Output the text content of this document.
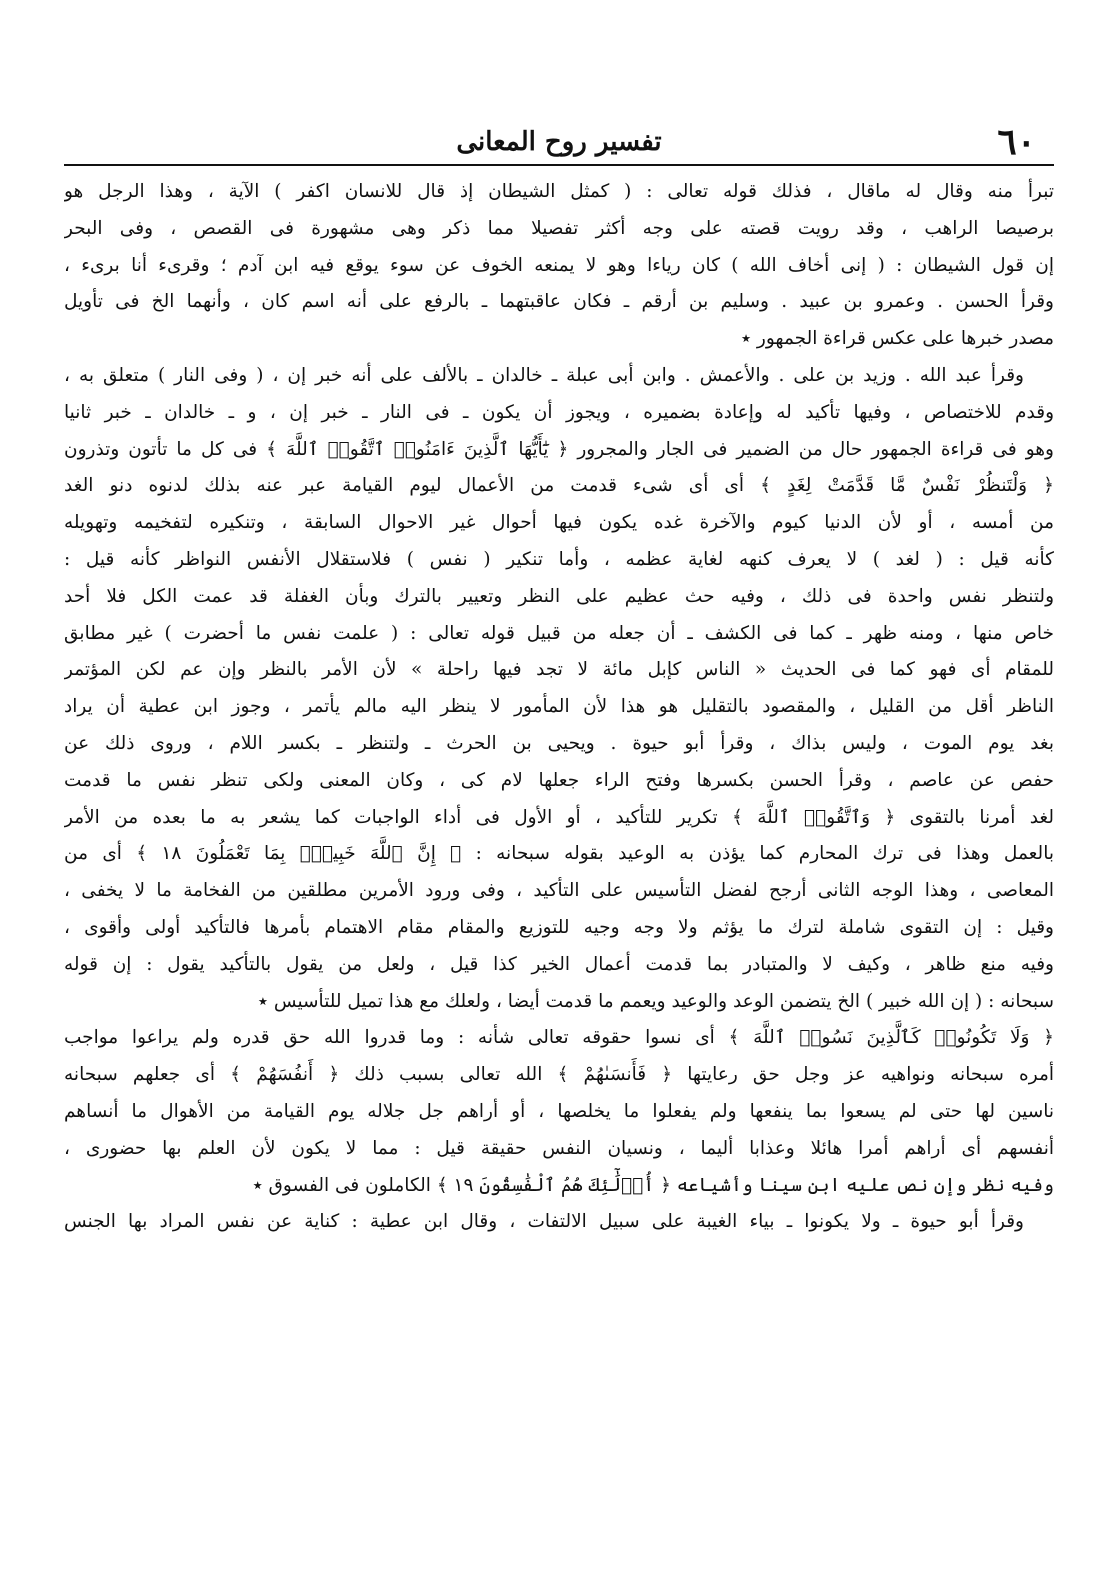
٦٠
تفسير روح المعانى
تبرأ منه وقال له ماقال ، فذلك قوله تعالى : ( كمثل الشيطان إذ قال للانسان اكفر ) الآية ، وهذا الرجل هو
برصيصا الراهب ، وقد رويت قصته على وجه أكثر تفصيلا مما ذكر وهى مشهورة فى القصص ، وفى البحر
إن قول الشيطان : ( إنى أخاف الله ) كان رياءا وهو لا يمنعه الخوف عن سوء يوقع فيه ابن آدم ؛ وقرىء أنا برىء ،
وقرأ الحسن . وعمرو بن عبيد . وسليم بن أرقم ـ فكان عاقبتهما ـ بالرفع على أنه اسم كان ، وأنهما الخ فى تأويل
مصدر خبرها على عكس قراءة الجمهور ٭
وقرأ عبد الله . وزيد بن على . والأعمش . وابن أبى عبلة ـ خالدان ـ بالألف على أنه خبر إن ، ( وفى النار ) متعلق به ،
وقدم للاختصاص ، وفيها تأكيد له وإعادة بضميره ، ويجوز أن يكون ـ فى النار ـ خبر إن ، و ـ خالدان ـ خبر ثانيا
وهو فى قراءة الجمهور حال من الضمير فى الجار والمجرور ﴿ يَٰٓأَيُّهَا ٱلَّذِينَ ءَامَنُوا۟ ٱتَّقُوا۟ ٱللَّهَ ﴾ فى كل ما تأتون وتذرون
﴿ وَلْتَنظُرْ نَفْسٌ مَّا قَدَّمَتْ لِغَدٍ ﴾ أى أى شىء قدمت من الأعمال ليوم القيامة عبر عنه بذلك لدنوه دنو الغد
من أمسه ، أو لأن الدنيا كيوم والآخرة غده يكون فيها أحوال غير الاحوال السابقة ، وتنكيره لتفخيمه وتهويله
كأنه قيل : ( لغد ) لا يعرف كنهه لغاية عظمه ، وأما تنكير ( نفس ) فلاستقلال الأنفس النواظر كأنه قيل :
ولتنظر نفس واحدة فى ذلك ، وفيه حث عظيم على النظر وتعيير بالترك وبأن الغفلة قد عمت الكل فلا أحد
خاص منها ، ومنه ظهر ـ كما فى الكشف ـ أن جعله من قبيل قوله تعالى : ( علمت نفس ما أحضرت ) غير مطابق
للمقام أى فهو كما فى الحديث « الناس كإبل مائة لا تجد فيها راحلة » لأن الأمر بالنظر وإن عم لكن المؤتمر
الناظر أقل من القليل ، والمقصود بالتقليل هو هذا لأن المأمور لا ينظر اليه مالم يأتمر ، وجوز ابن عطية أن يراد
بغد يوم الموت ، وليس بذاك ، وقرأ أبو حيوة . ويحيى بن الحرث ـ ولتنظر ـ بكسر اللام ، وروى ذلك عن
حفص عن عاصم ، وقرأ الحسن بكسرها وفتح الراء جعلها لام كى ، وكان المعنى ولكى تنظر نفس ما قدمت
لغد أمرنا بالتقوى ﴿ وَٱتَّقُوا۟ ٱللَّهَ ﴾ تكرير للتأكيد ، أو الأول فى أداء الواجبات كما يشعر به ما بعده من الأمر
بالعمل وهذا فى ترك المحارم كما يؤذن به الوعيد بقوله سبحانه : ﴿ إِنَّ ٱللَّهَ خَبِيرٌۢ بِمَا تَعْمَلُونَ ١٨ ﴾ أى من
المعاصى ، وهذا الوجه الثانى أرجح لفضل التأسيس على التأكيد ، وفى ورود الأمرين مطلقين من الفخامة ما لا يخفى ،
وقيل : إن التقوى شاملة لترك ما يؤثم ولا وجه وجيه للتوزيع والمقام مقام الاهتمام بأمرها فالتأكيد أولى وأقوى ،
وفيه منع ظاهر ، وكيف لا والمتبادر بما قدمت أعمال الخير كذا قيل ، ولعل من يقول بالتأكيد يقول : إن قوله
سبحانه : ( إن الله خبير ) الخ يتضمن الوعد والوعيد ويعمم ما قدمت أيضا ، ولعلك مع هذا تميل للتأسيس ٭
﴿ وَلَا تَكُونُوا۟ كَٱلَّذِينَ نَسُوا۟ ٱللَّهَ ﴾ أى نسوا حقوقه تعالى شأنه : وما قدروا الله حق قدره ولم يراعوا مواجب
أمره سبحانه ونواهيه عز وجل حق رعايتها ﴿ فَأَنسَىٰهُمْ ﴾ الله تعالى بسبب ذلك ﴿ أَنفُسَهُمْ ﴾ أى جعلهم سبحانه
ناسين لها حتى لم يسعوا بما ينفعها ولم يفعلوا ما يخلصها ، أو أراهم جل جلاله يوم القيامة من الأهوال ما أنساهم
أنفسهم أى أراهم أمرا هائلا وعذابا أليما ، ونسيان النفس حقيقة قيل : مما لا يكون لأن العلم بها حضورى ،
وفيه نظر وإن نص عليه ابن سينا وأشياعه ﴿ أُو۟لَٰٓئِكَ هُمُ ٱلْفَٰسِقُونَ ١٩ ﴾ الكاملون فى الفسوق ٭
وقرأ أبو حيوة ـ ولا يكونوا ـ بياء الغيبة على سبيل الالتفات ، وقال ابن عطية : كناية عن نفس المراد بها الجنس
